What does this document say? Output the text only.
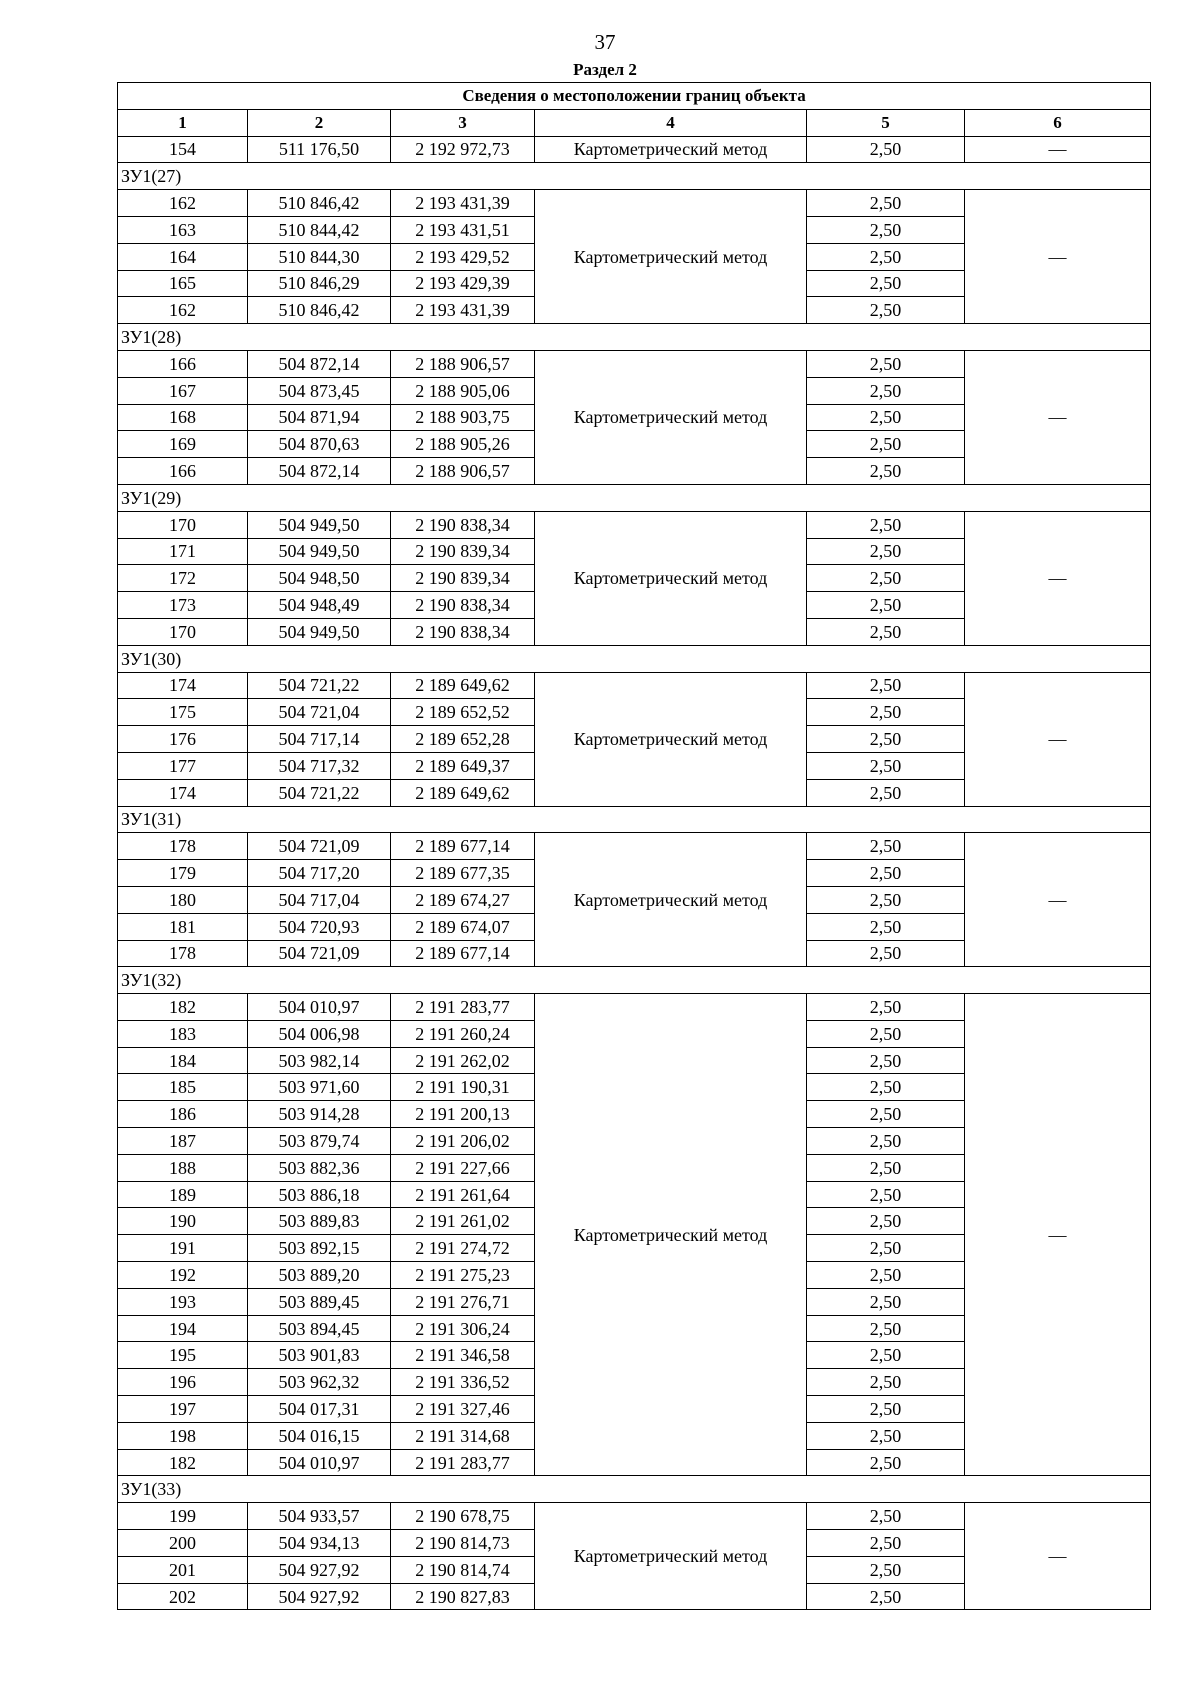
37
Раздел 2
Сведения о местоположении границ объекта					
1	2	3	4	5	6
154	511 176,50	2 192 972,73	Картометрический метод	2,50	—
ЗУ1(27)					
162	510 846,42	2 193 431,39	Картометрический метод	2,50	—
163	510 844,42	2 193 431,51		2,50	
164	510 844,30	2 193 429,52		2,50	
165	510 846,29	2 193 429,39		2,50	
162	510 846,42	2 193 431,39		2,50	
ЗУ1(28)					
166	504 872,14	2 188 906,57	Картометрический метод	2,50	—
167	504 873,45	2 188 905,06		2,50	
168	504 871,94	2 188 903,75		2,50	
169	504 870,63	2 188 905,26		2,50	
166	504 872,14	2 188 906,57		2,50	
ЗУ1(29)					
170	504 949,50	2 190 838,34	Картометрический метод	2,50	—
171	504 949,50	2 190 839,34		2,50	
172	504 948,50	2 190 839,34		2,50	
173	504 948,49	2 190 838,34		2,50	
170	504 949,50	2 190 838,34		2,50	
ЗУ1(30)					
174	504 721,22	2 189 649,62	Картометрический метод	2,50	—
175	504 721,04	2 189 652,52		2,50	
176	504 717,14	2 189 652,28		2,50	
177	504 717,32	2 189 649,37		2,50	
174	504 721,22	2 189 649,62		2,50	
ЗУ1(31)					
178	504 721,09	2 189 677,14	Картометрический метод	2,50	—
179	504 717,20	2 189 677,35		2,50	
180	504 717,04	2 189 674,27		2,50	
181	504 720,93	2 189 674,07		2,50	
178	504 721,09	2 189 677,14		2,50	
ЗУ1(32)					
182	504 010,97	2 191 283,77	Картометрический метод	2,50	—
183	504 006,98	2 191 260,24		2,50	
184	503 982,14	2 191 262,02		2,50	
185	503 971,60	2 191 190,31		2,50	
186	503 914,28	2 191 200,13		2,50	
187	503 879,74	2 191 206,02		2,50	
188	503 882,36	2 191 227,66		2,50	
189	503 886,18	2 191 261,64		2,50	
190	503 889,83	2 191 261,02		2,50	
191	503 892,15	2 191 274,72		2,50	
192	503 889,20	2 191 275,23		2,50	
193	503 889,45	2 191 276,71		2,50	
194	503 894,45	2 191 306,24		2,50	
195	503 901,83	2 191 346,58		2,50	
196	503 962,32	2 191 336,52		2,50	
197	504 017,31	2 191 327,46		2,50	
198	504 016,15	2 191 314,68		2,50	
182	504 010,97	2 191 283,77		2,50	
ЗУ1(33)					
199	504 933,57	2 190 678,75	Картометрический метод	2,50	—
200	504 934,13	2 190 814,73		2,50	
201	504 927,92	2 190 814,74		2,50	
202	504 927,92	2 190 827,83		2,50	
